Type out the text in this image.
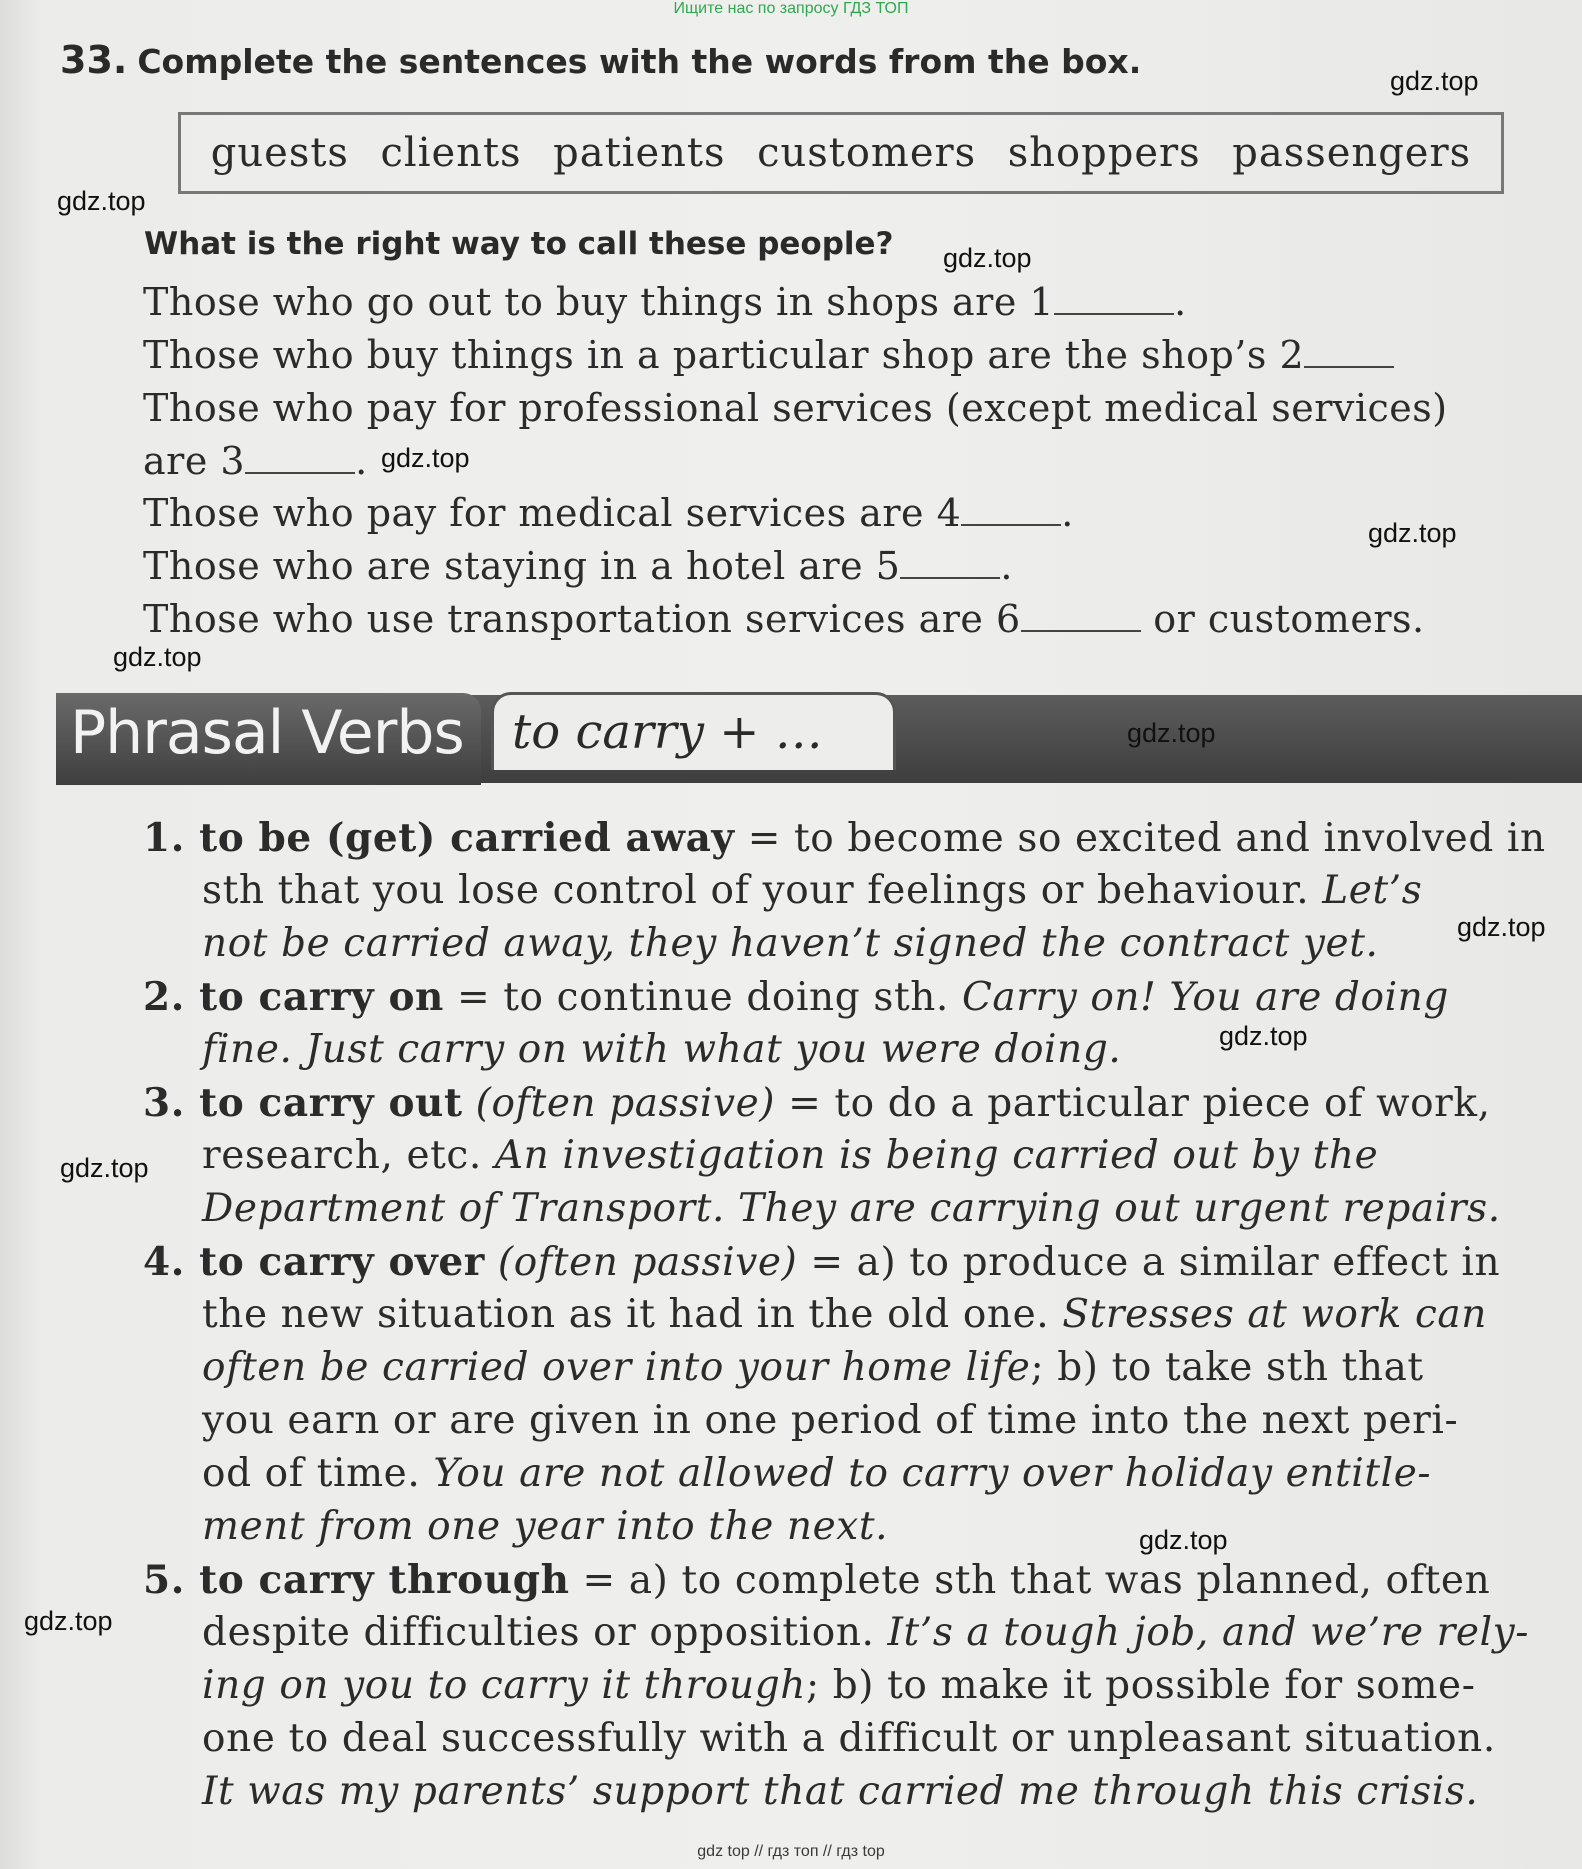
Ищите нас по запросу ГДЗ ТОП
33. Complete the sentences with the words from the box.
guests clients patients customers shoppers passengers
What is the right way to call these people?
Those who go out to buy things in shops are 1	.
Those who buy things in a particular shop are the shop’s 2
Those who pay for professional services (except medical services)
are 3	.
Those who pay for medical services are 4	.
Those who are staying in a hotel are 5	.
Those who use transportation services are 6	or customers.
Phrasal Verbs to carry + …
1. to be (get) carried away = to become so excited and involved in
sth that you lose control of your feelings or behaviour. Let’s
not be carried away, they haven’t signed the contract yet.
2. to carry on = to continue doing sth. Carry on! You are doing
fine. Just carry on with what you were doing.
3. to carry out (often passive) = to do a particular piece of work,
research, etc. An investigation is being carried out by the
Department of Transport. They are carrying out urgent repairs.
4. to carry over (often passive) = a) to produce a similar effect in
the new situation as it had in the old one. Stresses at work can
often be carried over into your home life; b) to take sth that
you earn or are given in one period of time into the next peri-
od of time. You are not allowed to carry over holiday entitle-
ment from one year into the next.
5. to carry through = a) to complete sth that was planned, often
despite difficulties or opposition. It’s a tough job, and we’re rely-
ing on you to carry it through; b) to make it possible for some-
one to deal successfully with a difficult or unpleasant situation.
It was my parents’ support that carried me through this crisis.
gdz.top
gdz.top
gdz.top
gdz.top
gdz.top
gdz.top
gdz.top
gdz.top
gdz.top
gdz.top
gdz.top
gdz.top
gdz top // гдз топ // гдз top
